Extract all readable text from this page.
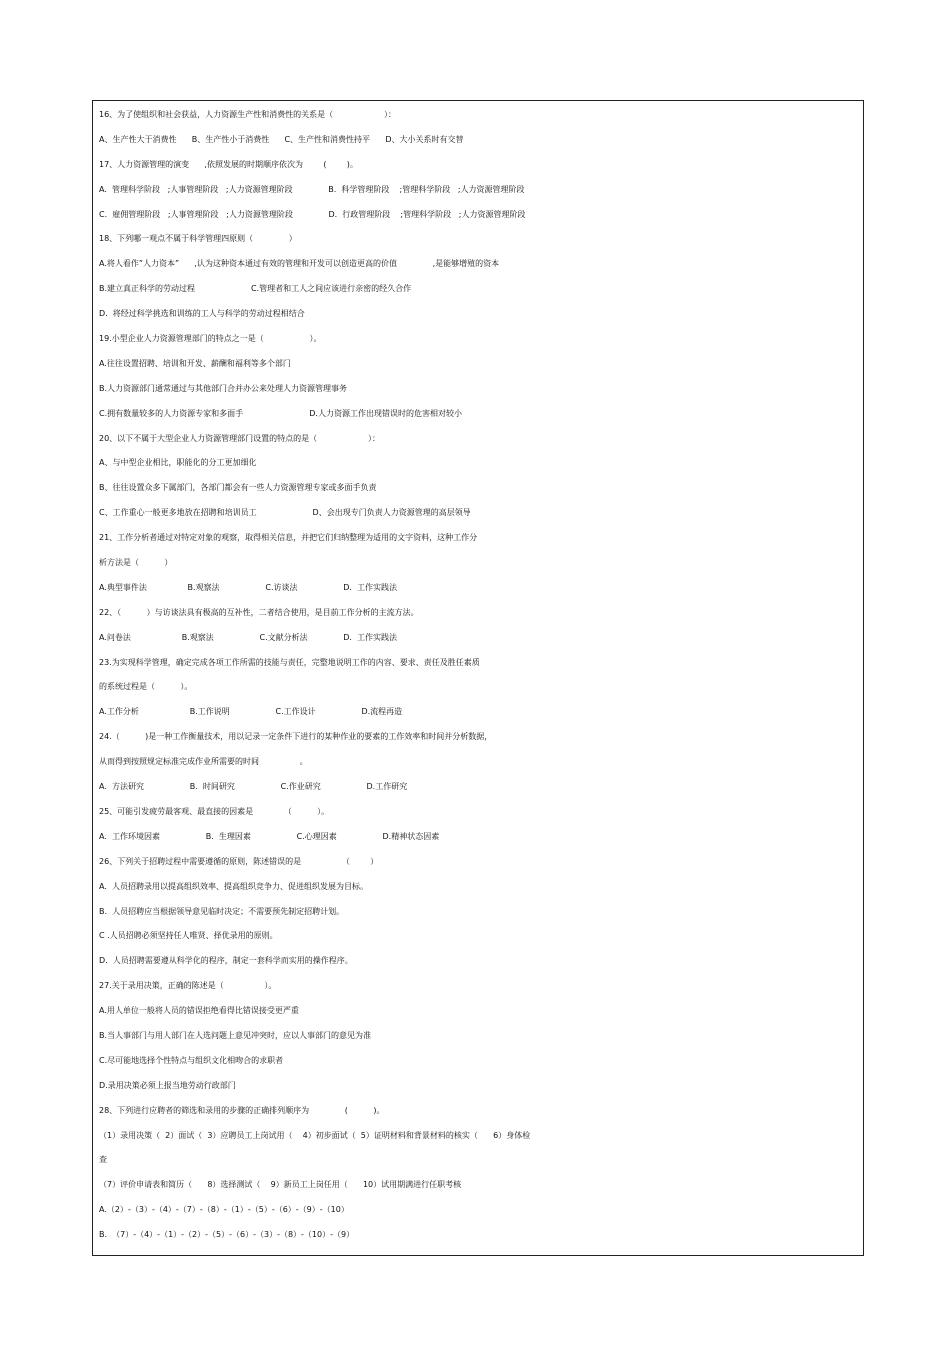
16、为了使组织和社会获益，人力资源生产性和消费性的关系是（                    ）：
A、生产性大于消费性      B、生产性小于消费性      C、生产性和消费性持平      D、大小关系时有交替
17、人力资源管理的演变      ,依照发展的时期顺序依次为        (        )。
A.  管理科学阶段   ;人事管理阶段   ;人力资源管理阶段              B.  科学管理阶段    ;管理科学阶段   ;人力资源管理阶段
C.  雇佣管理阶段   ;人事管理阶段   ;人力资源管理阶段              D.  行政管理阶段    ;管理科学阶段   ;人力资源管理阶段
18、下列哪一观点不属于科学管理四原则（              ）
A.将人看作”人力资本”      ,认为这种资本通过有效的管理和开发可以创造更高的价值              ,是能够增殖的资本
B.建立真正科学的劳动过程                      C.管理者和工人之间应该进行亲密的经久合作
D.  将经过科学挑选和训练的工人与科学的劳动过程相结合
19.小型企业人力资源管理部门的特点之一是（                  ）。
A.往往设置招聘、培训和开发、薪酬和福利等多个部门
B.人力资源部门通常通过与其他部门合并办公来处理人力资源管理事务
C.拥有数量较多的人力资源专家和多面手                          D.人力资源工作出现错误时的危害相对较小
20、以下不属于大型企业人力资源管理部门设置的特点的是（                    ）：
A、与中型企业相比，职能化的分工更加细化
B、往往设置众多下属部门，各部门都会有一些人力资源管理专家或多面手负责
C、工作重心一般更多地放在招聘和培训员工                      D、会出现专门负责人力资源管理的高层领导
21、工作分析者通过对特定对象的观察，取得相关信息，并把它们归纳整理为适用的文字资料，这种工作分
析方法是（          ）
A.典型事件法                B.观察法                  C.访谈法                  D.  工作实践法
22、（          ）与访谈法具有极高的互补性，二者结合使用，是目前工作分析的主流方法。
A.问卷法                    B.观察法                  C.文献分析法              D.  工作实践法
23.为实现科学管理，确定完成各项工作所需的技能与责任，完整地说明工作的内容、要求、责任及胜任素质
的系统过程是（          ）。
A.工作分析                    B.工作说明                  C.工作设计                  D.流程再造
24.（          )是一种工作衡量技术，用以记录一定条件下进行的某种作业的要素的工作效率和时间并分析数据，
从而得到按照规定标准完成作业所需要的时间                。
A.  方法研究                  B.  时间研究                  C.作业研究                  D.工作研究
25、可能引发疲劳最客观、最直接的因素是            （          ）。
A.  工作环境因素                  B.  生理因素                  C.心理因素                  D.精神状态因素
26、下列关于招聘过程中需要遵循的原则，陈述错误的是                （        ）
A.  人员招聘录用以提高组织效率、提高组织竞争力、促进组织发展为目标。
B.  人员招聘应当根据领导意见临时决定；不需要预先制定招聘计划。
C .人员招聘必须坚持任人唯贤、择优录用的原则。
D.  人员招聘需要遵从科学化的程序，制定一套科学而实用的操作程序。
27.关于录用决策，正确的陈述是（                ）。
A.用人单位一般将人员的错误拒绝看得比错误接受更严重
B.当人事部门与用人部门在人选问题上意见冲突时，应以人事部门的意见为准
C.尽可能地选择个性特点与组织文化相吻合的求职者
D.录用决策必须上报当地劳动行政部门
28、下列进行应聘者的筛选和录用的步骤的正确排列顺序为              (          )。
（1）录用决策（  2）面试（  3）应聘员工上岗试用（    4）初步面试（  5）证明材料和背景材料的核实（      6）身体检
查
（7）评价申请表和简历（      8）选择测试（    9）新员工上岗任用（      10）试用期满进行任职考核
A.（2）-（3）-（4）-（7）-（8）-（1）-（5）-（6）-（9）-（10）
B.  （7）-（4）-（1）-（2）-（5）-（6）-（3）-（8）-（10）-（9）
